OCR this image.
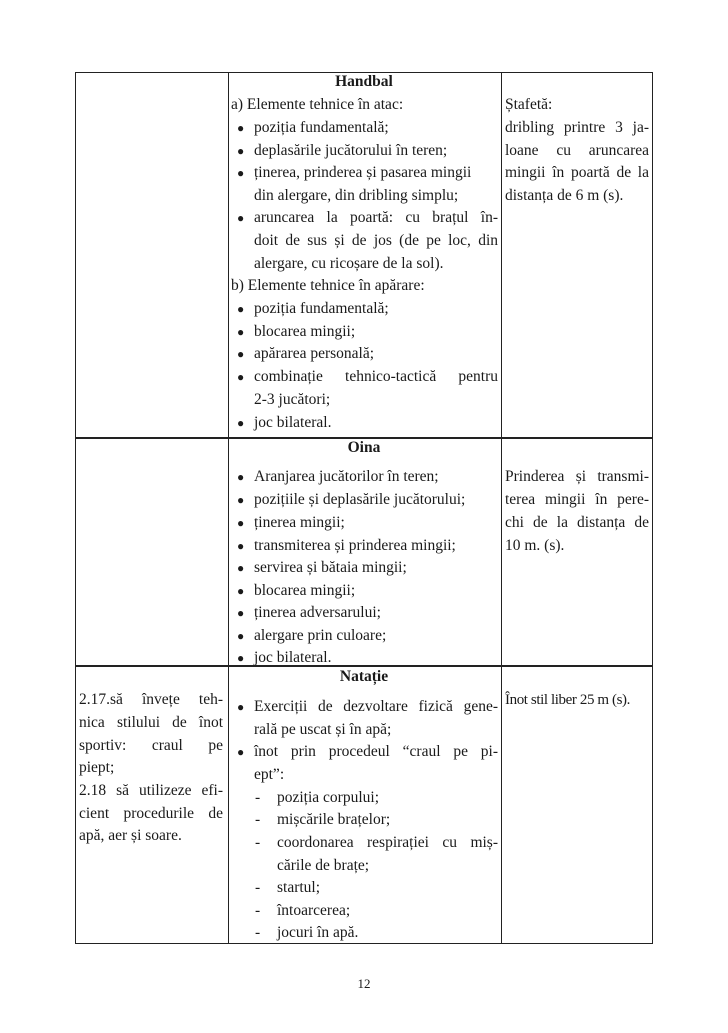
Handbal
a) Elemente tehnice în atac:
● poziția fundamentală;
● deplasările jucătorului în teren;
● ținerea, prinderea și pasarea mingii
din alergare, din dribling simplu;
● aruncarea la poartă: cu brațul în-
doit de sus și de jos (de pe loc, din
alergare, cu ricoșare de la sol).
b) Elemente tehnice în apărare:
● poziția fundamentală;
● blocarea mingii;
● apărarea personală;
● combinație tehnico-tactică pentru
2-3 jucători;
● joc bilateral.
Ștafetă:
dribling printre 3 ja-
loane cu aruncarea
mingii în poartă de la
distanța de 6 m (s).
Oina
● Aranjarea jucătorilor în teren;
● pozițiile și deplasările jucătorului;
● ținerea mingii;
● transmiterea și prinderea mingii;
● servirea și bătaia mingii;
● blocarea mingii;
● ținerea adversarului;
● alergare prin culoare;
● joc bilateral.
Prinderea și transmi-
terea mingii în pere-
chi de la distanța de
10 m. (s).
Natație
2.17.să învețe teh-
nica stilului de înot
sportiv: craul pe
piept;
2.18 să utilizeze efi-
cient procedurile de
apă, aer și soare.
● Exerciții de dezvoltare fizică gene-
rală pe uscat și în apă;
● înot prin procedeul “craul pe pi-
ept”:
- poziția corpului;
- mișcările brațelor;
- coordonarea respirației cu miș-
cările de brațe;
- startul;
- întoarcerea;
- jocuri în apă.
Înot stil liber 25 m (s).
12
